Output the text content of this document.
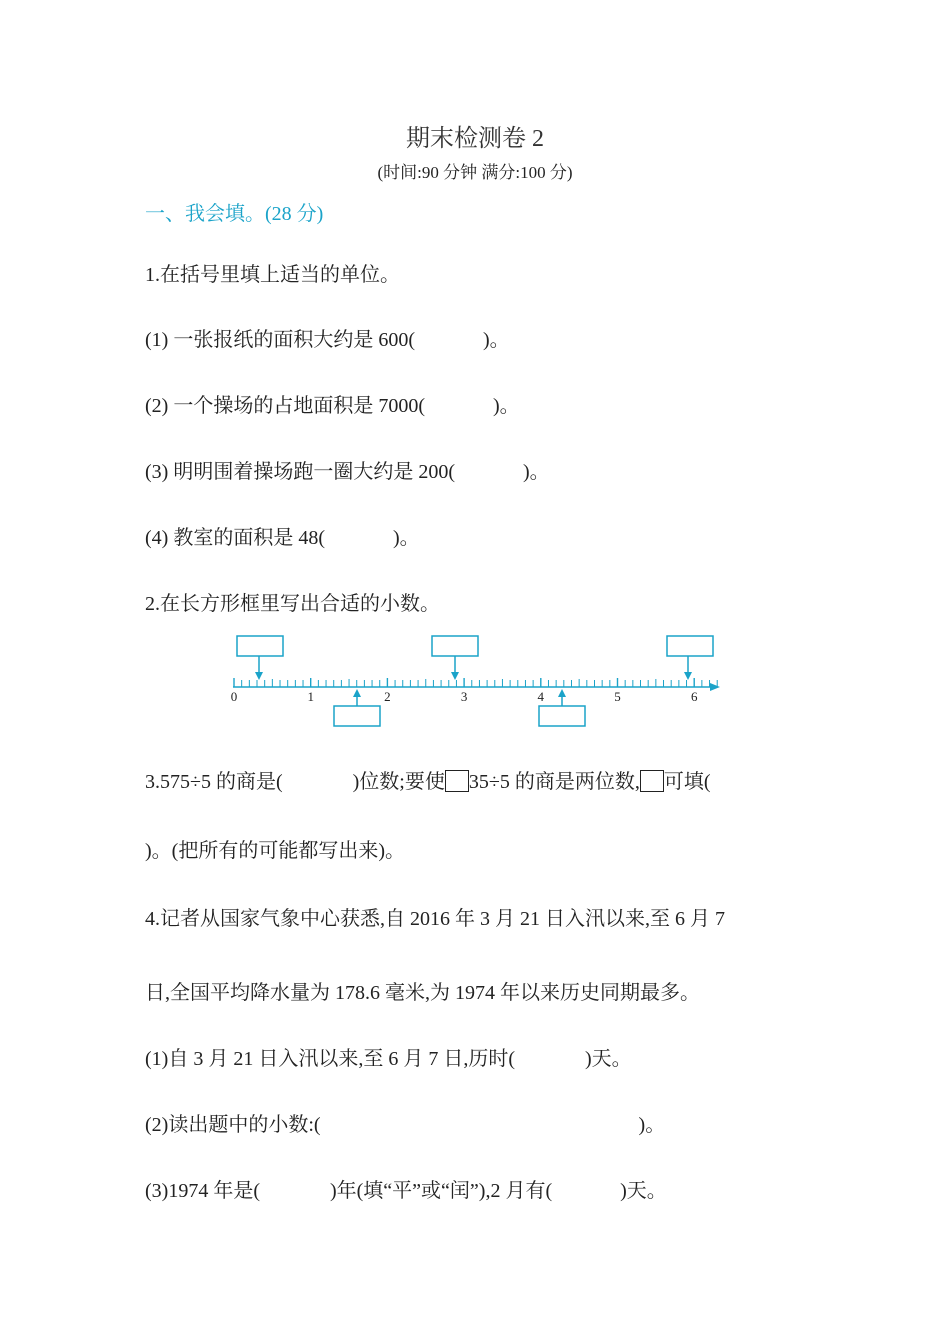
期末检测卷 2
(时间:90 分钟 满分:100 分)
一、我会填。(28 分)
1.在括号里填上适当的单位。
(1) 一张报纸的面积大约是 600(	)。
(2) 一个操场的占地面积是 7000(	)。
(3) 明明围着操场跑一圈大约是 200(	)。
(4) 教室的面积是 48(	)。
2.在长方形框里写出合适的小数。
0	1	2	3	4	5	6
3.575÷5 的商是(	)位数;要使 35÷5 的商是两位数, 可填(
)。(把所有的可能都写出来)。
4.记者从国家气象中心获悉,自 2016 年 3 月 21 日入汛以来,至 6 月 7
日,全国平均降水量为 178.6 毫米,为 1974 年以来历史同期最多。
(1)自 3 月 21 日入汛以来,至 6 月 7 日,历时(	)天。
(2)读出题中的小数:(	)。
(3)1974 年是(	)年(填“平”或“闰”),2 月有(	)天。
